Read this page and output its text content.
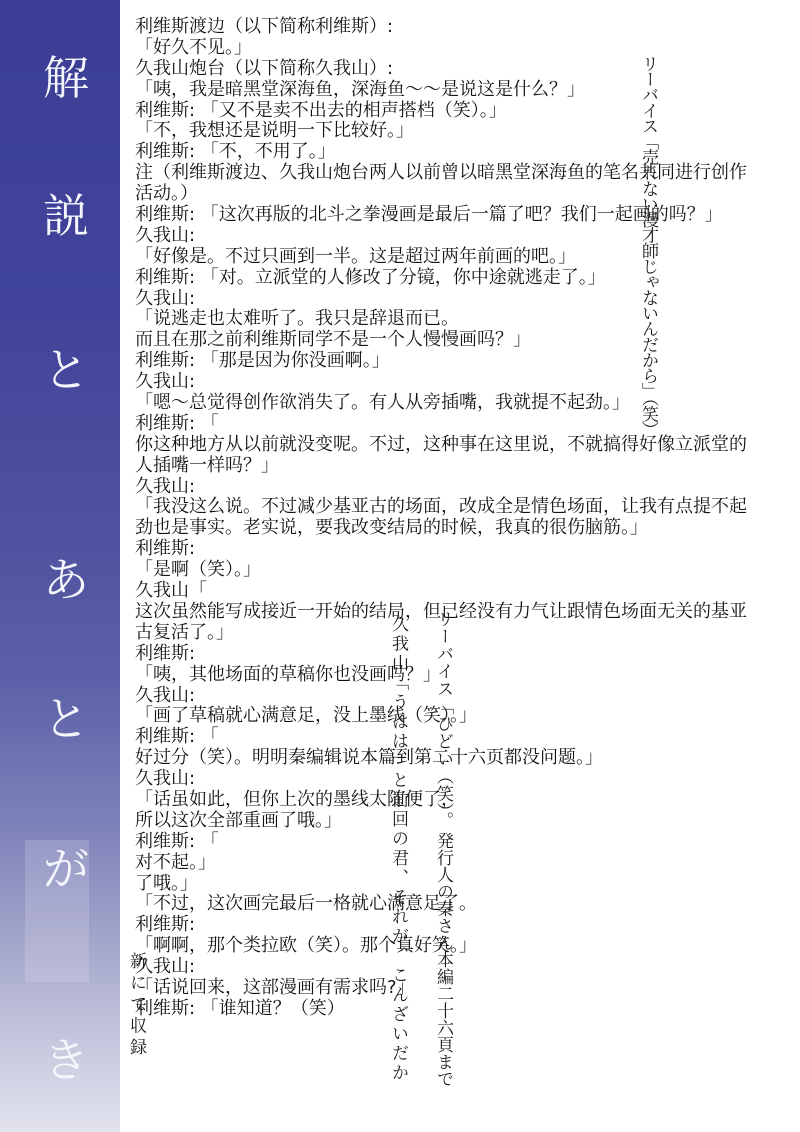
リーバイス「売れない漫才師じゃないんだから」（笑）
リーバイス「ひどい（笑）。
発行人の秦さん本編二十六頁まで
久我山「うはは」と前回の君、それが、こんざいだか
新にて収録
利维斯渡边（以下简称利维斯）:
「好久不见。」
久我山炮台（以下简称久我山）:
「咦，我是暗黑堂深海鱼，深海鱼～～是说这是什么？」
利维斯: 「又不是卖不出去的相声搭档（笑）。」
「不，我想还是说明一下比较好。」
利维斯: 「不，不用了。」
注（利维斯渡边、久我山炮台两人以前曾以暗黑堂深海鱼的笔名共同进行创作
活动。）
利维斯: 「这次再版的北斗之拳漫画是最后一篇了吧？我们一起画的吗？」
久我山:
「好像是。不过只画到一半。这是超过两年前画的吧。」
利维斯: 「对。立派堂的人修改了分镜，你中途就逃走了。」
久我山:
「说逃走也太难听了。我只是辞退而已。
而且在那之前利维斯同学不是一个人慢慢画吗？」
利维斯: 「那是因为你没画啊。」
久我山:
「嗯～总觉得创作欲消失了。有人从旁插嘴，我就提不起劲。」
利维斯: 「
你这种地方从以前就没变呢。不过，这种事在这里说，不就搞得好像立派堂的
人插嘴一样吗？」
久我山:
「我没这么说。不过减少基亚古的场面，改成全是情色场面，让我有点提不起
劲也是事实。老实说，要我改变结局的时候，我真的很伤脑筋。」
利维斯:
「是啊（笑）。」
久我山「
这次虽然能写成接近一开始的结局，但已经没有力气让跟情色场面无关的基亚
古复活了。」
利维斯:
「咦，其他场面的草稿你也没画吗？」
久我山:
「画了草稿就心满意足，没上墨线（笑）。」
利维斯: 「
好过分（笑）。明明秦编辑说本篇到第二十六页都没问题。」
久我山:
「话虽如此，但你上次的墨线太随便了，
所以这次全部重画了哦。」
利维斯: 「
对不起。」
了哦。」
「不过，这次画完最后一格就心满意足了。
利维斯:
「啊啊，那个类拉欧（笑）。那个真好笑。」
久我山:
「话说回来，这部漫画有需求吗?」
利维斯: 「谁知道？（笑）
解
説
と
あ
と
が
き
